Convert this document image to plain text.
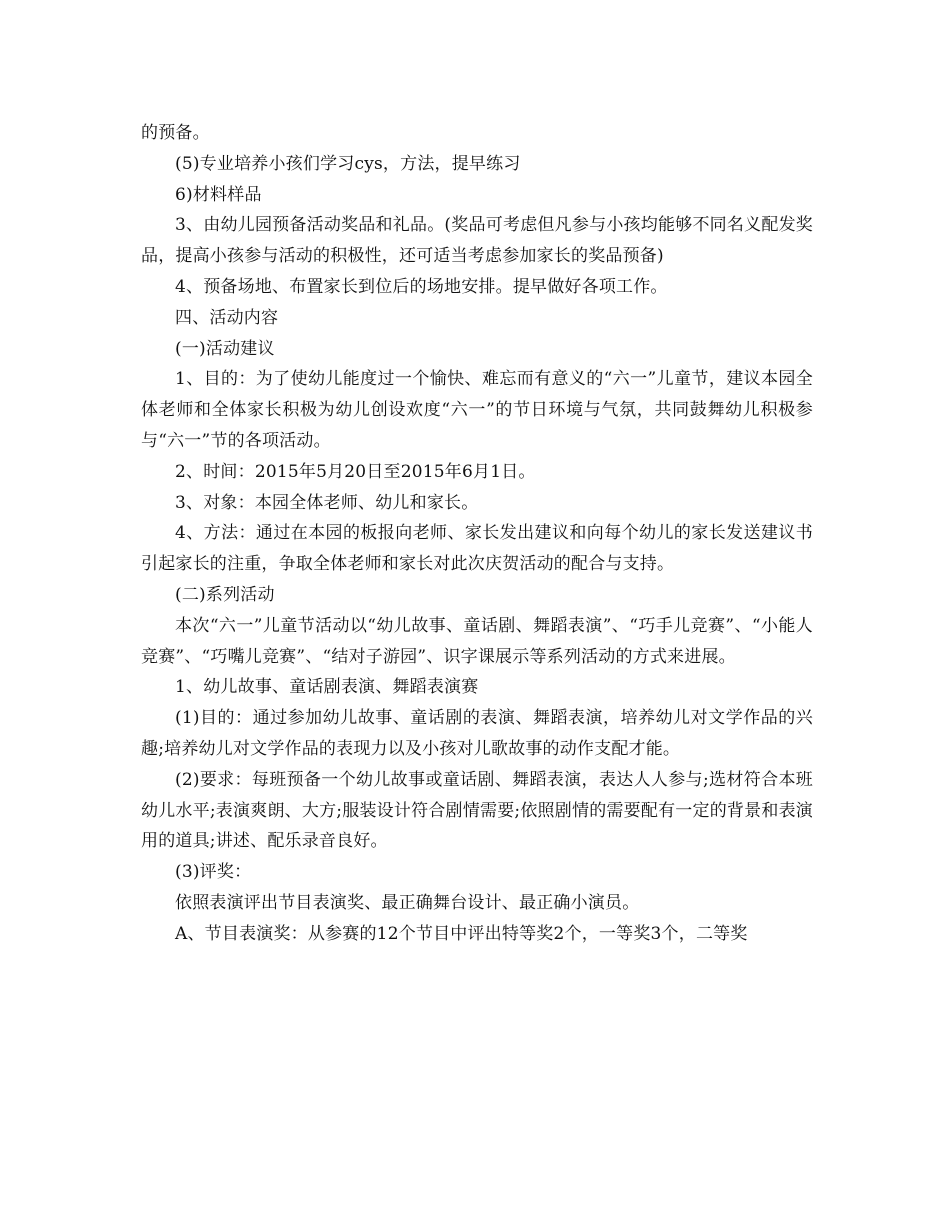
的预备。

(5)专业培养小孩们学习cys，方法，提早练习

6)材料样品

3、由幼儿园预备活动奖品和礼品。(奖品可考虑但凡参与小孩均能够不同名义配发奖品，提高小孩参与活动的积极性，还可适当考虑参加家长的奖品预备)

4、预备场地、布置家长到位后的场地安排。提早做好各项工作。

四、活动内容

(一)活动建议

1、目的：为了使幼儿能度过一个愉快、难忘而有意义的“六一”儿童节，建议本园全体老师和全体家长积极为幼儿创设欢度“六一”的节日环境与气氛，共同鼓舞幼儿积极参与“六一”节的各项活动。

2、时间：2015年5月20日至2015年6月1日。

3、对象：本园全体老师、幼儿和家长。

4、方法：通过在本园的板报向老师、家长发出建议和向每个幼儿的家长发送建议书引起家长的注重，争取全体老师和家长对此次庆贺活动的配合与支持。

(二)系列活动

本次“六一”儿童节活动以“幼儿故事、童话剧、舞蹈表演”、“巧手儿竞赛”、“小能人竞赛”、“巧嘴儿竞赛”、“结对子游园”、识字课展示等系列活动的方式来进展。

1、幼儿故事、童话剧表演、舞蹈表演赛

(1)目的：通过参加幼儿故事、童话剧的表演、舞蹈表演，培养幼儿对文学作品的兴趣;培养幼儿对文学作品的表现力以及小孩对儿歌故事的动作支配才能。

(2)要求：每班预备一个幼儿故事或童话剧、舞蹈表演，表达人人参与;选材符合本班幼儿水平;表演爽朗、大方;服装设计符合剧情需要;依照剧情的需要配有一定的背景和表演用的道具;讲述、配乐录音良好。

(3)评奖：

依照表演评出节目表演奖、最正确舞台设计、最正确小演员。

A、节目表演奖：从参赛的12个节目中评出特等奖2个，一等奖3个，二等奖
